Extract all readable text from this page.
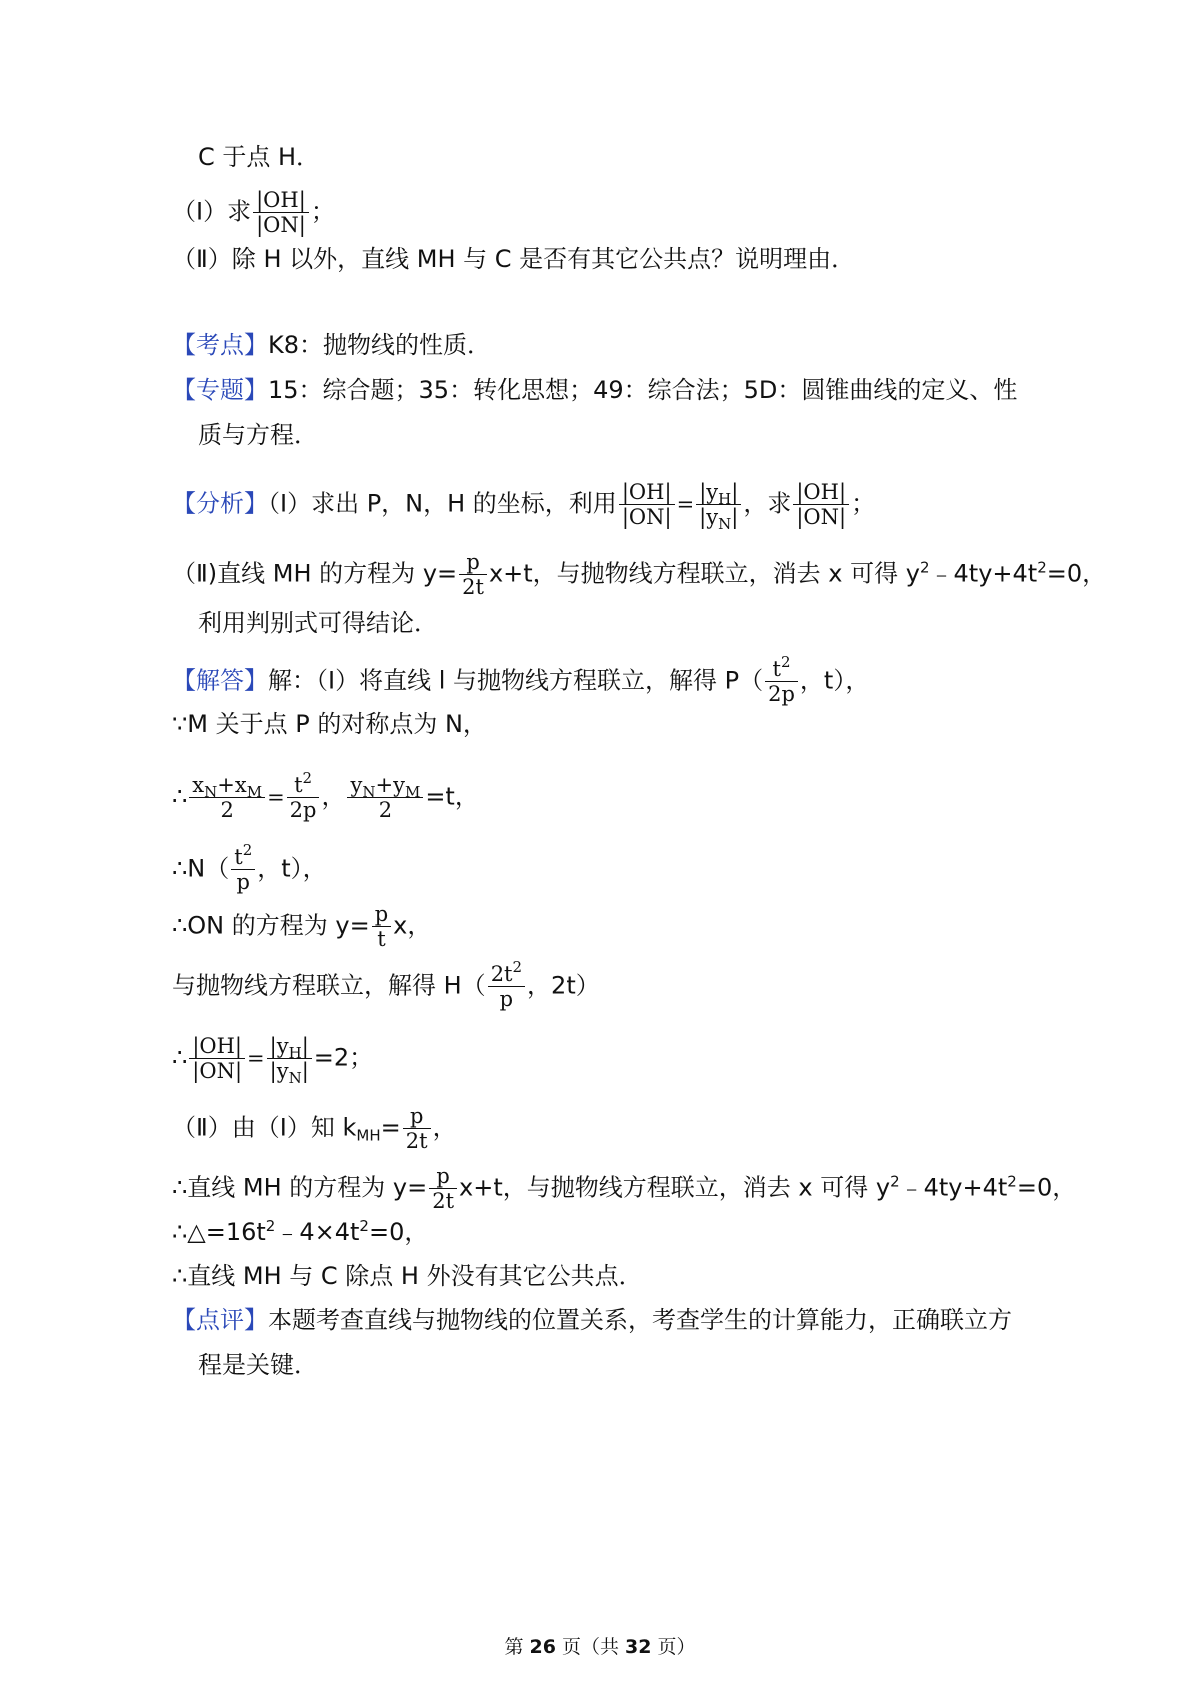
C 于点 H．
（Ⅰ）求 $\frac{|OH|}{|ON|}$ ；
（Ⅱ）除 H 以外，直线 MH 与 C 是否有其它公共点？说明理由．
【考点】K8：抛物线的性质．
【专题】15：综合题；35：转化思想；49：综合法；5D：圆锥曲线的定义、性
质与方程．
【分析】（Ⅰ）求出 P，N，H 的坐标，利用 $\frac{|OH|}{|ON|} = \frac{|y_H|}{|y_N|}$ ，求 $\frac{|OH|}{|ON|}$ ；
（Ⅱ)直线 MH 的方程为 $y= \frac{p}{2t} x+t$，与抛物线方程联立，消去 x 可得 $y^2﹣4ty+4t^2=0$，
利用判别式可得结论．
【解答】解：（Ⅰ）将直线 l 与抛物线方程联立，解得 $P( \frac{t^2}{2p}$ ，t），
∵M 关于点 P 的对称点为 N，
∴ $\frac{x_N+x_M}{2} = \frac{t^2}{2p}$ ， $\frac{y_N+y_M}{2} =t$，
∴N（ $\frac{t^2}{p}$ ，t），
∴ON 的方程为 $y= \frac{p}{t}$ x，
与抛物线方程联立，解得 $H( \frac{2t^2}{p}$ ，2t）
∴ $\frac{|OH|}{|ON|} = \frac{|y_H|}{|y_N|} =2$；
（Ⅱ）由（Ⅰ）知 $k_{MH}= \frac{p}{2t}$ ，
∴直线 MH 的方程为 $y= \frac{p}{2t} x+t$，与抛物线方程联立，消去 x 可得 $y^2﹣4ty+4t^2=0$，
$\therefore\triangle=16t^2﹣4\times 4t^2=0$，
∴直线 MH 与 C 除点 H 外没有其它公共点．
【点评】本题考查直线与抛物线的位置关系，考查学生的计算能力，正确联立方
程是关键．
第 26 页（共 32 页）
